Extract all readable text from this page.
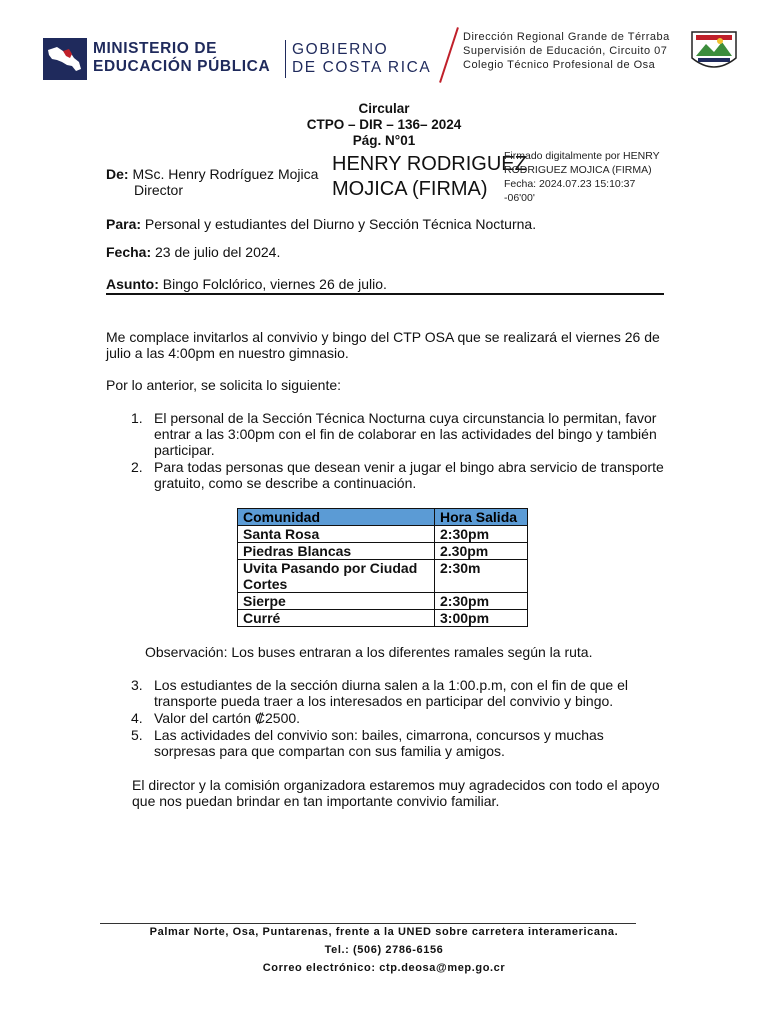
MINISTERIO DE
EDUCACIÓN PÚBLICA
GOBIERNO
DE COSTA RICA
Dirección Regional Grande de Térraba
Supervisión de Educación, Circuito 07
Colegio Técnico Profesional de Osa
Circular
CTPO – DIR – 136– 2024
Pág. N°01
De: MSc. Henry Rodríguez Mojica
Director
HENRY RODRIGUEZ
MOJICA (FIRMA)
Firmado digitalmente por HENRY
RODRIGUEZ MOJICA (FIRMA)
Fecha: 2024.07.23 15:10:37
-06'00'
Para: Personal y estudiantes del Diurno y Sección Técnica Nocturna.
Fecha: 23 de julio del 2024.
Asunto: Bingo Folclórico, viernes 26 de julio.
Me complace invitarlos al convivio y bingo del CTP OSA que se realizará el viernes 26 de
julio a las 4:00pm en nuestro gimnasio.
Por lo anterior, se solicita lo siguiente:
1. El personal de la Sección Técnica Nocturna cuya circunstancia lo permitan, favor
entrar a las 3:00pm con el fin de colaborar en las actividades del bingo y también
participar.
2. Para todas personas que desean venir a jugar el bingo abra servicio de transporte
gratuito, como se describe a continuación.
Comunidad	Hora Salida
Santa Rosa	2:30pm
Piedras Blancas	2.30pm
Uvita Pasando por Ciudad Cortes	2:30m
Sierpe	2:30pm
Curré	3:00pm
Observación: Los buses entraran a los diferentes ramales según la ruta.
3. Los estudiantes de la sección diurna salen a la 1:00.p.m, con el fin de que el
transporte pueda traer a los interesados en participar del convivio y bingo.
4. Valor del cartón ₡2500.
5. Las actividades del convivio son: bailes, cimarrona, concursos y muchas
sorpresas para que compartan con sus familia y amigos.
El director y la comisión organizadora estaremos muy agradecidos con todo el apoyo
que nos puedan brindar en tan importante convivio familiar.
Palmar Norte, Osa, Puntarenas, frente a la UNED sobre carretera interamericana.
Tel.: (506) 2786-6156
Correo electrónico: ctp.deosa@mep.go.cr
